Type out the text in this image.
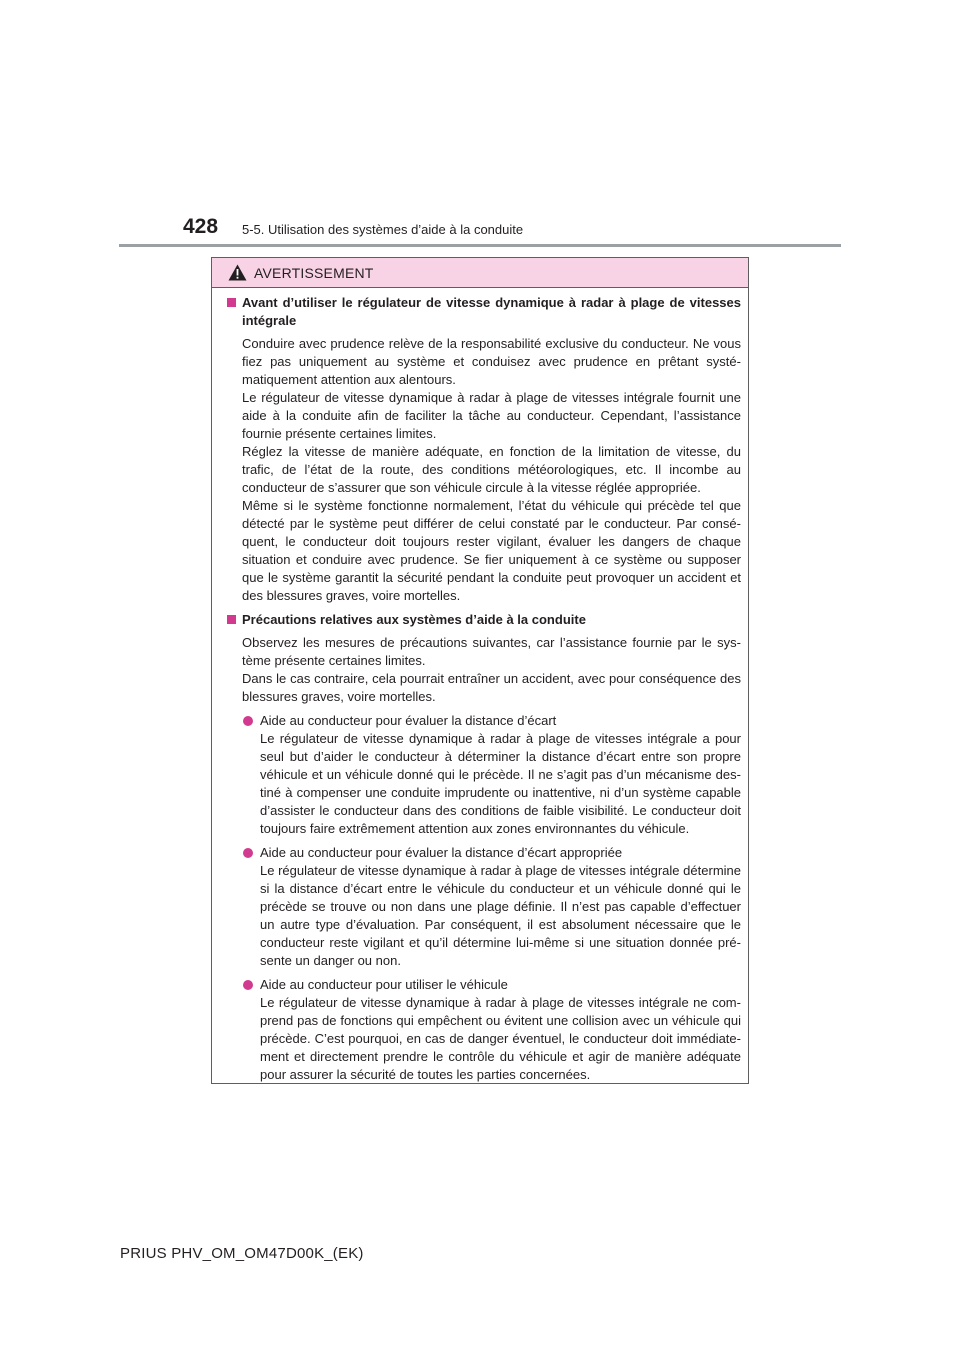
428 5-5. Utilisation des systèmes d’aide à la conduite
AVERTISSEMENT
Avant d’utiliser le régulateur de vitesse dynamique à radar à plage de vitesses intégrale

Conduire avec prudence relève de la responsabilité exclusive du conducteur. Ne vous fiez pas uniquement au système et conduisez avec prudence en prêtant systématiquement attention aux alentours.

Le régulateur de vitesse dynamique à radar à plage de vitesses intégrale fournit une aide à la conduite afin de faciliter la tâche au conducteur. Cependant, l’assistance fournie présente certaines limites.

Réglez la vitesse de manière adéquate, en fonction de la limitation de vitesse, du trafic, de l’état de la route, des conditions météorologiques, etc. Il incombe au conducteur de s’assurer que son véhicule circule à la vitesse réglée appropriée.

Même si le système fonctionne normalement, l’état du véhicule qui précède tel que détecté par le système peut différer de celui constaté par le conducteur. Par conséquent, le conducteur doit toujours rester vigilant, évaluer les dangers de chaque situation et conduire avec prudence. Se fier uniquement à ce système ou supposer que le système garantit la sécurité pendant la conduite peut provoquer un accident et des blessures graves, voire mortelles.

Précautions relatives aux systèmes d’aide à la conduite

Observez les mesures de précautions suivantes, car l’assistance fournie par le système présente certaines limites.

Dans le cas contraire, cela pourrait entraîner un accident, avec pour conséquence des blessures graves, voire mortelles.

Aide au conducteur pour évaluer la distance d’écart
Le régulateur de vitesse dynamique à radar à plage de vitesses intégrale a pour seul but d’aider le conducteur à déterminer la distance d’écart entre son propre véhicule et un véhicule donné qui le précède. Il ne s’agit pas d’un mécanisme destiné à compenser une conduite imprudente ou inattentive, ni d’un système capable d’assister le conducteur dans des conditions de faible visibilité. Le conducteur doit toujours faire extrêmement attention aux zones environnantes du véhicule.
Aide au conducteur pour évaluer la distance d’écart appropriée
Le régulateur de vitesse dynamique à radar à plage de vitesses intégrale détermine si la distance d’écart entre le véhicule du conducteur et un véhicule donné qui le précède se trouve ou non dans une plage définie. Il n’est pas capable d’effectuer un autre type d’évaluation. Par conséquent, il est absolument nécessaire que le conducteur reste vigilant et qu’il détermine lui-même si une situation donnée présente un danger ou non.
Aide au conducteur pour utiliser le véhicule
Le régulateur de vitesse dynamique à radar à plage de vitesses intégrale ne comprend pas de fonctions qui empêchent ou évitent une collision avec un véhicule qui précède. C’est pourquoi, en cas de danger éventuel, le conducteur doit immédiatement et directement prendre le contrôle du véhicule et agir de manière adéquate pour assurer la sécurité de toutes les parties concernées.
PRIUS PHV_OM_OM47D00K_(EK)
